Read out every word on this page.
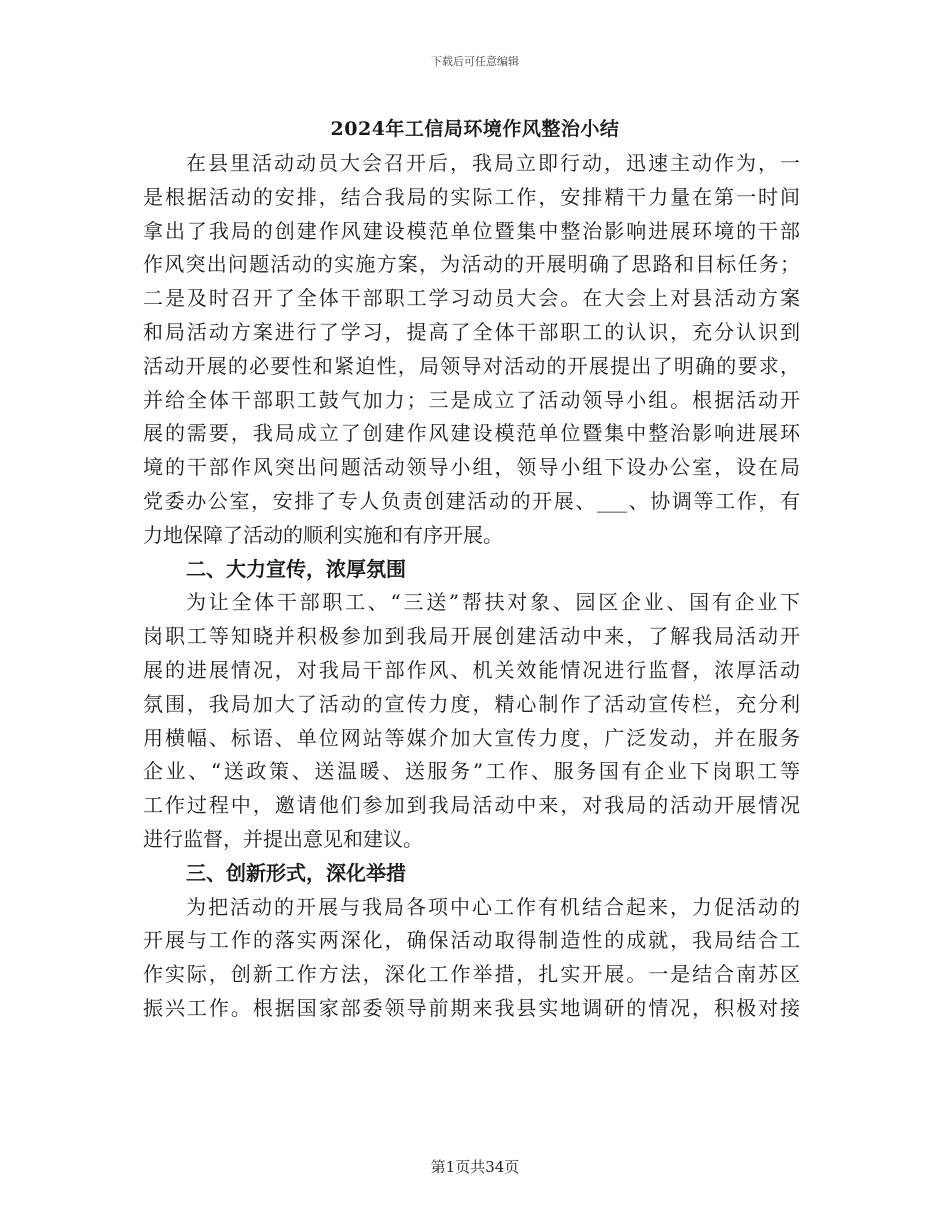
下载后可任意编辑
2024年工信局环境作风整治小结
在县里活动动员大会召开后，我局立即行动，迅速主动作为，一
是根据活动的安排，结合我局的实际工作，安排精干力量在第一时间
拿出了我局的创建作风建设模范单位暨集中整治影响进展环境的干部
作风突出问题活动的实施方案，为活动的开展明确了思路和目标任务；
二是及时召开了全体干部职工学习动员大会。在大会上对县活动方案
和局活动方案进行了学习，提高了全体干部职工的认识，充分认识到
活动开展的必要性和紧迫性，局领导对活动的开展提出了明确的要求，
并给全体干部职工鼓气加力；三是成立了活动领导小组。根据活动开
展的需要，我局成立了创建作风建设模范单位暨集中整治影响进展环
境的干部作风突出问题活动领导小组，领导小组下设办公室，设在局
党委办公室，安排了专人负责创建活动的开展、___、协调等工作，有
力地保障了活动的顺利实施和有序开展。
二、大力宣传，浓厚氛围
为让全体干部职工、“三送”帮扶对象、园区企业、国有企业下
岗职工等知晓并积极参加到我局开展创建活动中来，了解我局活动开
展的进展情况，对我局干部作风、机关效能情况进行监督，浓厚活动
氛围，我局加大了活动的宣传力度，精心制作了活动宣传栏，充分利
用横幅、标语、单位网站等媒介加大宣传力度，广泛发动，并在服务
企业、“送政策、送温暖、送服务”工作、服务国有企业下岗职工等
工作过程中，邀请他们参加到我局活动中来，对我局的活动开展情况
进行监督，并提出意见和建议。
三、创新形式，深化举措
为把活动的开展与我局各项中心工作有机结合起来，力促活动的
开展与工作的落实两深化，确保活动取得制造性的成就，我局结合工
作实际，创新工作方法，深化工作举措，扎实开展。一是结合南苏区
振兴工作。根据国家部委领导前期来我县实地调研的情况，积极对接
第1页共34页
